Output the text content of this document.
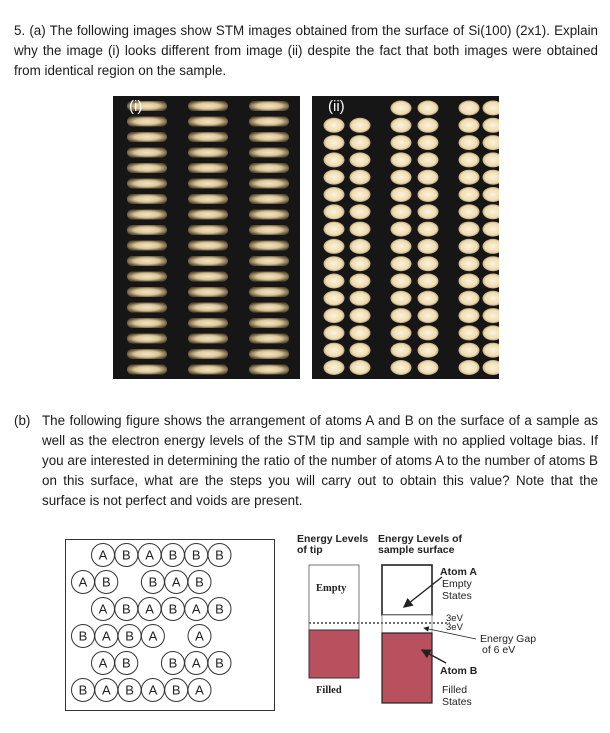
5. (a) The following images show STM images obtained from the surface of Si(100) (2x1). Explain why the image (i) looks different from image (ii) despite the fact that both images were obtained from identical region on the sample.

(i)	(ii)
(b) The following figure shows the arrangement of atoms A and B on the surface of a sample as well as the electron energy levels of the STM tip and sample with no applied voltage bias. If you are interested in determining the ratio of the number of atoms A to the number of atoms B on this surface, what are the steps you will carry out to obtain this value? Note that the surface is not perfect and voids are present.
A B A B B B
A B	B A B
A B A B A B
B A B A	A
A B	B A B
B A B A B A
Energy Levels
of tip
Energy Levels of
sample surface
Empty
Filled
Atom A
Empty
States
3eV
3eV
Energy Gap
of 6 eV
Atom B
Filled
States
